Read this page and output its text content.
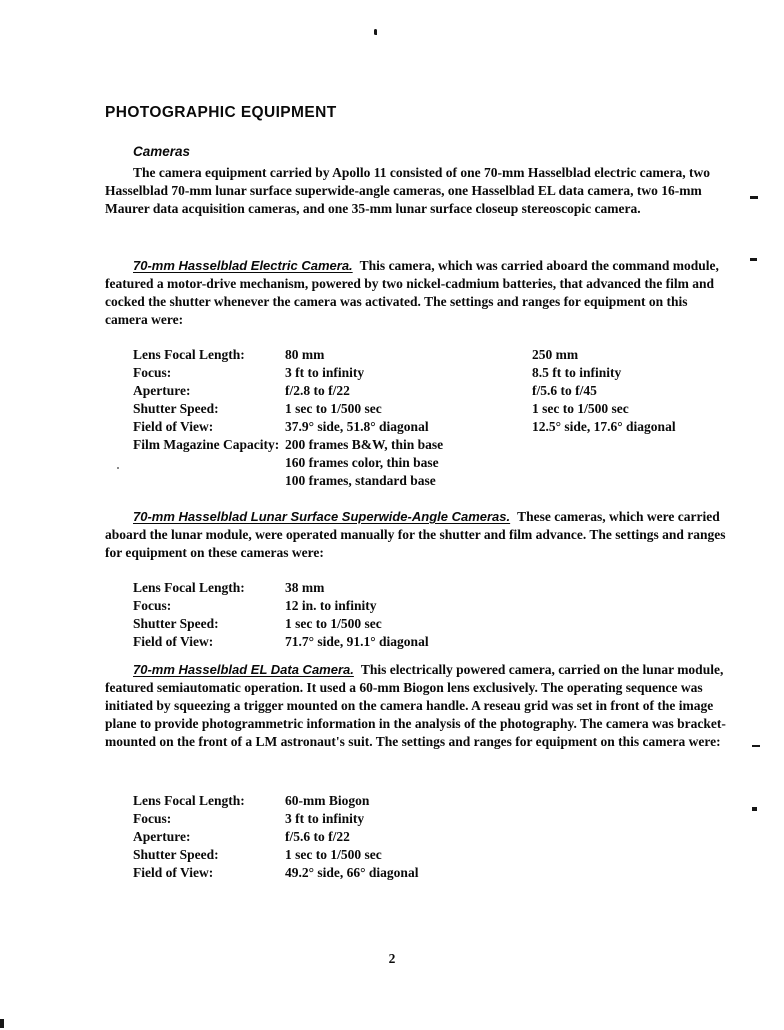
PHOTOGRAPHIC EQUIPMENT
Cameras

The camera equipment carried by Apollo 11 consisted of one 70-mm Hasselblad electric camera, two Hasselblad 70-mm lunar surface superwide-angle cameras, one Hasselblad EL data camera, two 16-mm Maurer data acquisition cameras, and one 35-mm lunar surface closeup stereoscopic camera.

70-mm Hasselblad Electric Camera. This camera, which was carried aboard the command module, featured a motor-drive mechanism, powered by two nickel-cadmium batteries, that advanced the film and cocked the shutter whenever the camera was activated. The settings and ranges for equipment on this camera were:

Lens Focal Length:	80 mm	250 mm
Focus:	3 ft to infinity	8.5 ft to infinity
Aperture:	f/2.8 to f/22	f/5.6 to f/45
Shutter Speed:	1 sec to 1/500 sec	1 sec to 1/500 sec
Field of View:	37.9° side, 51.8° diagonal	12.5° side, 17.6° diagonal
Film Magazine Capacity: 200 frames B&W, thin base
160 frames color, thin base
100 frames, standard base

70-mm Hasselblad Lunar Surface Superwide-Angle Cameras. These cameras, which were carried aboard the lunar module, were operated manually for the shutter and film advance. The settings and ranges for equipment on these cameras were:

Lens Focal Length:	38 mm
Focus:	12 in. to infinity
Shutter Speed:	1 sec to 1/500 sec
Field of View:	71.7° side, 91.1° diagonal

70-mm Hasselblad EL Data Camera. This electrically powered camera, carried on the lunar module, featured semiautomatic operation. It used a 60-mm Biogon lens exclusively. The operating sequence was initiated by squeezing a trigger mounted on the camera handle. A reseau grid was set in front of the image plane to provide photogrammetric information in the analysis of the photography. The camera was bracket-mounted on the front of a LM astronaut's suit. The settings and ranges for equipment on this camera were:

Lens Focal Length:	60-mm Biogon
Focus:	3 ft to infinity
Aperture:	f/5.6 to f/22
Shutter Speed:	1 sec to 1/500 sec
Field of View:	49.2° side, 66° diagonal
2
